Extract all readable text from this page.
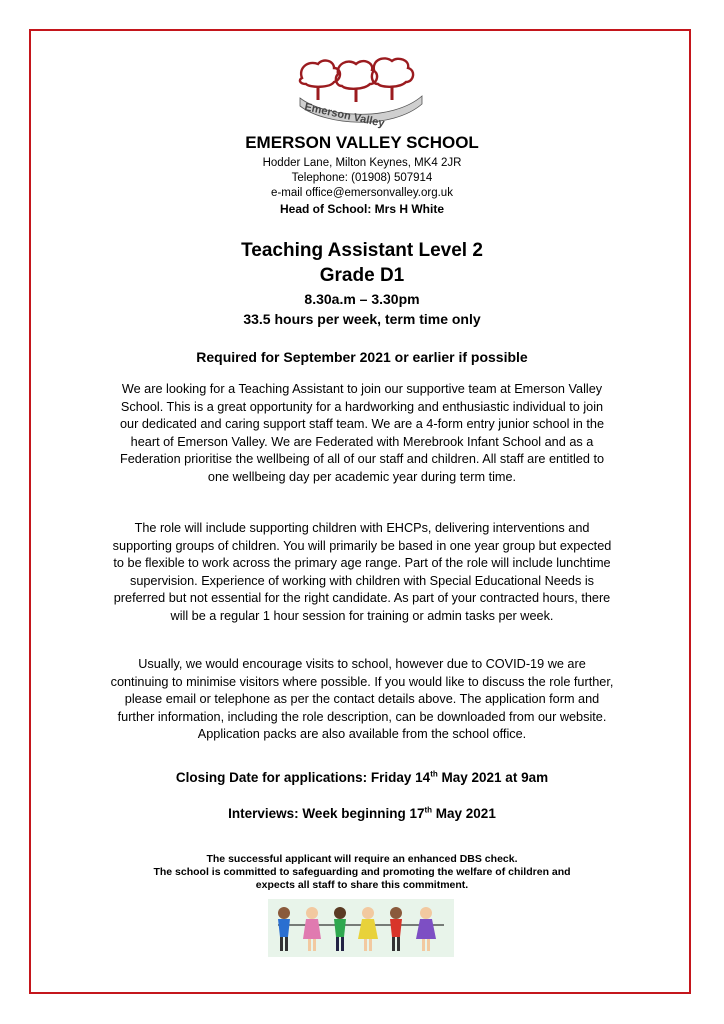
Emerson Valley
EMERSON VALLEY SCHOOL
Hodder Lane, Milton Keynes, MK4 2JR
Telephone: (01908) 507914
e-mail office@emersonvalley.org.uk
Head of School: Mrs H White
Teaching Assistant Level 2
Grade D1
8.30a.m – 3.30pm
33.5 hours per week, term time only
Required for September 2021 or earlier if possible

We are looking for a Teaching Assistant to join our supportive team at Emerson Valley School. This is a great opportunity for a hardworking and enthusiastic individual to join our dedicated and caring support staff team. We are a 4-form entry junior school in the heart of Emerson Valley. We are Federated with Merebrook Infant School and as a Federation prioritise the wellbeing of all of our staff and children. All staff are entitled to one wellbeing day per academic year during term time.

The role will include supporting children with EHCPs, delivering interventions and supporting groups of children. You will primarily be based in one year group but expected to be flexible to work across the primary age range. Part of the role will include lunchtime supervision. Experience of working with children with Special Educational Needs is preferred but not essential for the right candidate. As part of your contracted hours, there will be a regular 1 hour session for training or admin tasks per week.

Usually, we would encourage visits to school, however due to COVID-19 we are continuing to minimise visitors where possible. If you would like to discuss the role further, please email or telephone as per the contact details above. The application form and further information, including the role description, can be downloaded from our website. Application packs are also available from the school office.

Closing Date for applications: Friday 14th May 2021 at 9am
Interviews: Week beginning 17th May 2021
The successful applicant will require an enhanced DBS check.
The school is committed to safeguarding and promoting the welfare of children and
expects all staff to share this commitment.
